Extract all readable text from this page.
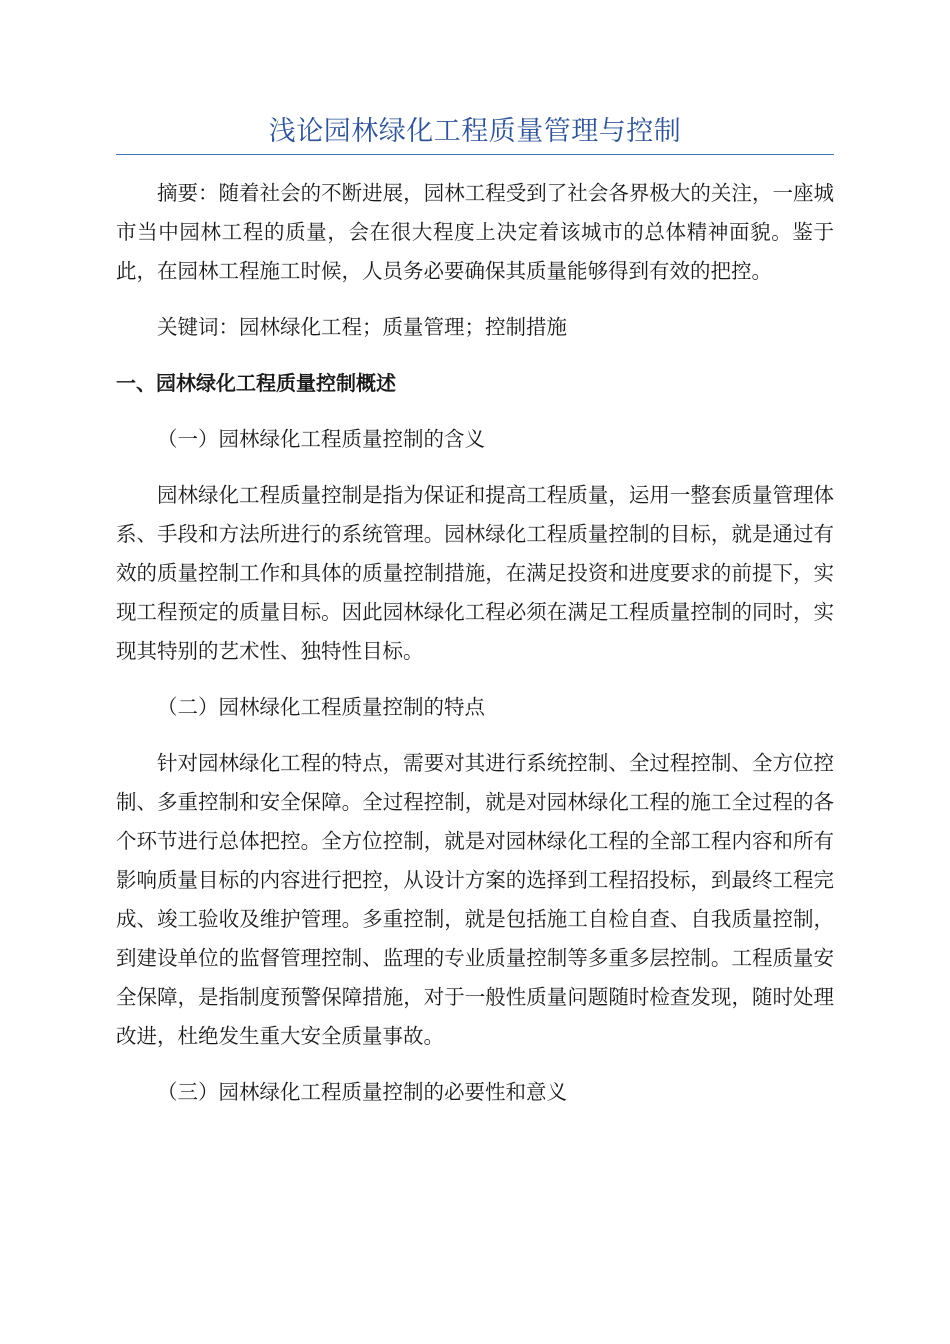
浅论园林绿化工程质量管理与控制

摘要：随着社会的不断进展，园林工程受到了社会各界极大的关注，一座城市当中园林工程的质量，会在很大程度上决定着该城市的总体精神面貌。鉴于此，在园林工程施工时候，人员务必要确保其质量能够得到有效的把控。

关键词：园林绿化工程；质量管理；控制措施

一、园林绿化工程质量控制概述

（一）园林绿化工程质量控制的含义

园林绿化工程质量控制是指为保证和提高工程质量，运用一整套质量管理体系、手段和方法所进行的系统管理。园林绿化工程质量控制的目标，就是通过有效的质量控制工作和具体的质量控制措施，在满足投资和进度要求的前提下，实现工程预定的质量目标。因此园林绿化工程必须在满足工程质量控制的同时，实现其特别的艺术性、独特性目标。

（二）园林绿化工程质量控制的特点

针对园林绿化工程的特点，需要对其进行系统控制、全过程控制、全方位控制、多重控制和安全保障。全过程控制，就是对园林绿化工程的施工全过程的各个环节进行总体把控。全方位控制，就是对园林绿化工程的全部工程内容和所有影响质量目标的内容进行把控，从设计方案的选择到工程招投标，到最终工程完成、竣工验收及维护管理。多重控制，就是包括施工自检自查、自我质量控制，到建设单位的监督管理控制、监理的专业质量控制等多重多层控制。工程质量安全保障，是指制度预警保障措施，对于一般性质量问题随时检查发现，随时处理改进，杜绝发生重大安全质量事故。

（三）园林绿化工程质量控制的必要性和意义
